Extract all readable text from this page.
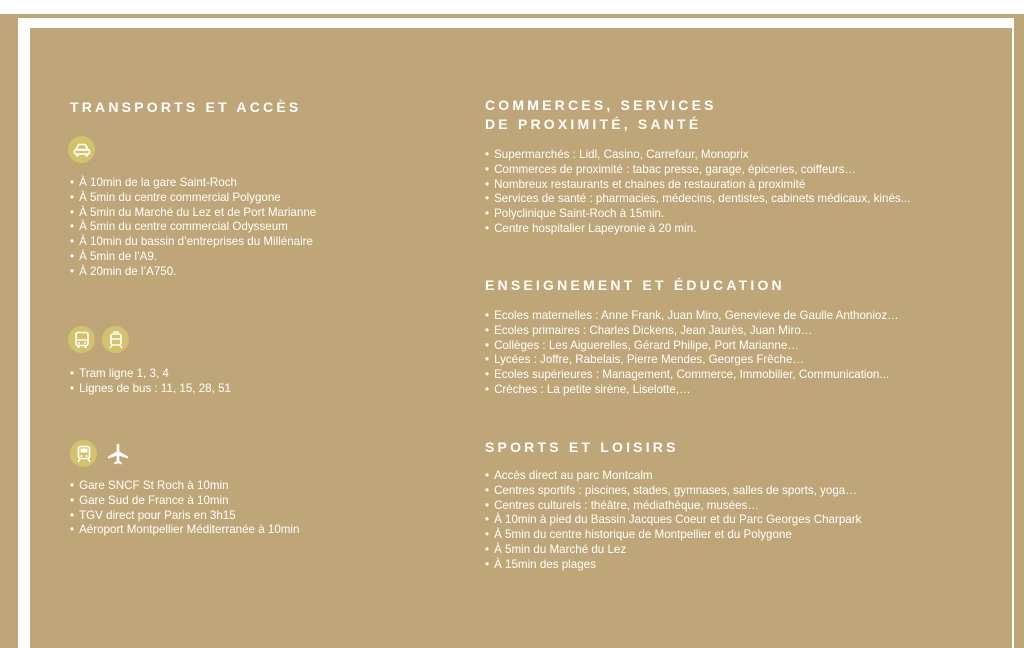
TRANSPORTS ET ACCÈS
• À 10min de la gare Saint-Roch
• À 5min du centre commercial Polygone
• À 5min du Marché du Lez et de Port Marianne
• À 5min du centre commercial Odysseum
• À 10min du bassin d’entreprises du Millénaire
• À 5min de l’A9.
• À 20min de l’A750.
• Tram ligne 1, 3, 4
• Lignes de bus : 11, 15, 28, 51
• Gare SNCF St Roch à 10min
• Gare Sud de France à 10min
• TGV direct pour Paris en 3h15
• Aéroport Montpellier Méditerranée à 10min
COMMERCES, SERVICES
DE PROXIMITÉ, SANTÉ
• Supermarchés : Lidl, Casino, Carrefour, Monoprix
• Commerces de proximité : tabac presse, garage, épiceries, coiffeurs…
• Nombreux restaurants et chaines de restauration à proximité
• Services de santé : pharmacies, médecins, dentistes, cabinets médicaux, kinés...
• Polyclinique Saint-Roch à 15min.
• Centre hospitalier Lapeyronie à 20 min.
ENSEIGNEMENT ET ÉDUCATION
• Ecoles maternelles : Anne Frank, Juan Miro, Genevieve de Gaulle Anthonioz…
• Ecoles primaires : Charles Dickens, Jean Jaurès, Juan Miro…
• Collèges : Les Aiguerelles, Gérard Philipe, Port Marianne…
• Lycées : Joffre, Rabelais, Pierre Mendes, Georges Frêche…
• Ecoles supérieures : Management, Commerce, Immobilier, Communication...
• Crèches : La petite sirène, Liselotte,…
SPORTS ET LOISIRS
• Accès direct au parc Montcalm
• Centres sportifs : piscines, stades, gymnases, salles de sports, yoga…
• Centres culturels : théâtre, médiathèque, musées…
• À 10min à pied du Bassin Jacques Coeur et du Parc Georges Charpark
• À 5min du centre historique de Montpellier et du Polygone
• À 5min du Marché du Lez
• À 15min des plages
